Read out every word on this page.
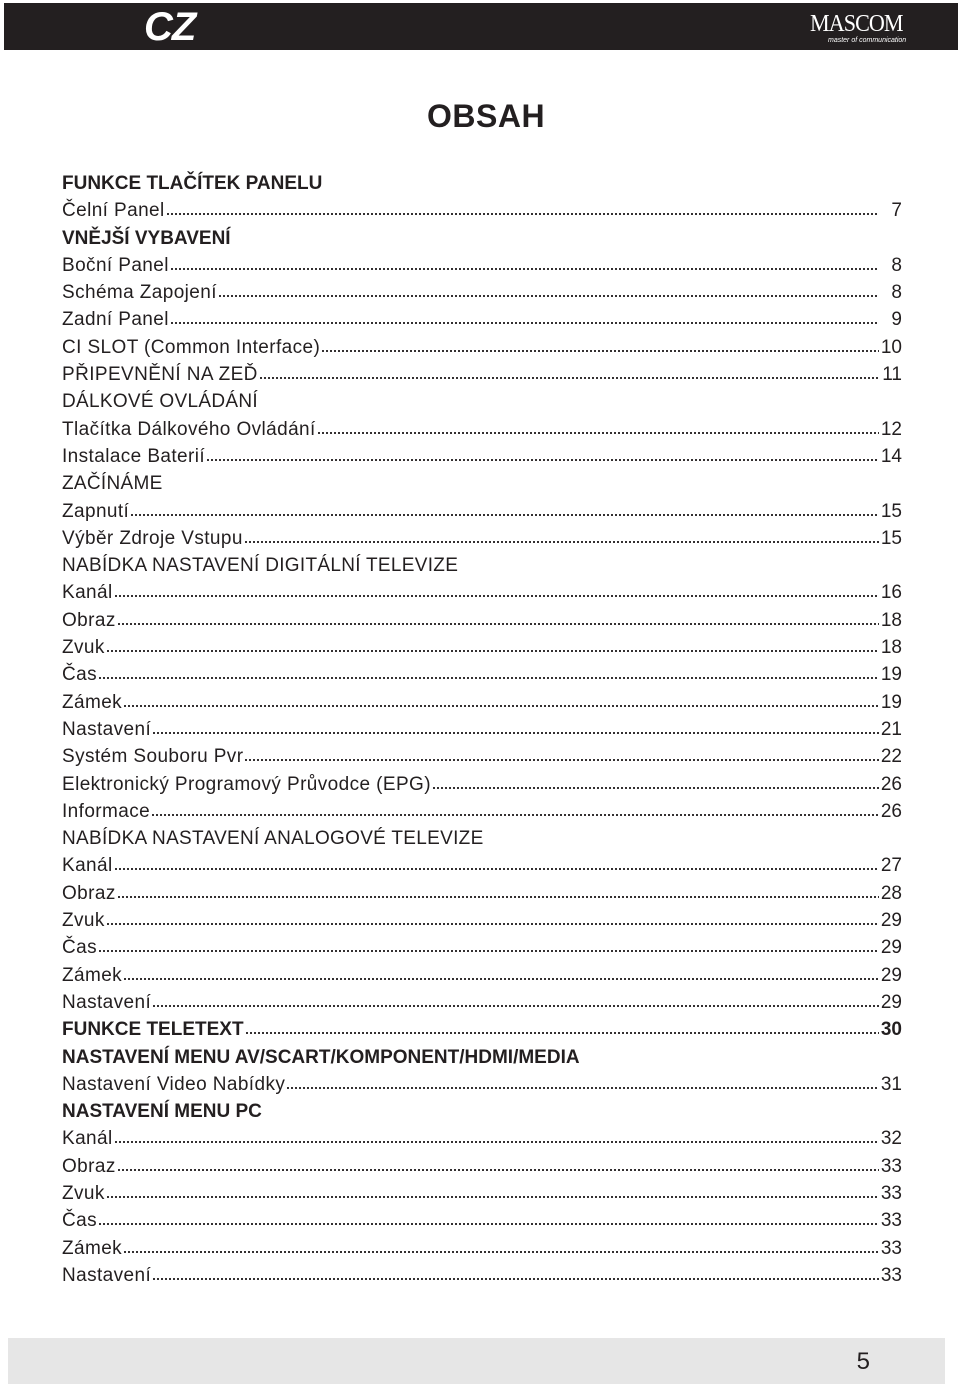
CZ	MASCOM
master of communication
OBSAH
FUNKCE TLAČÍTEK PANELU
Čelní Panel	7
VNĚJŠÍ VYBAVENÍ
Boční Panel	8
Schéma Zapojení	8
Zadní Panel	9
CI SLOT (Common Interface)	10
PŘIPEVNĚNÍ NA ZEĎ	11
DÁLKOVÉ OVLÁDÁNÍ
Tlačítka Dálkového Ovládání	12
Instalace Baterií	14
ZAČÍNÁME
Zapnutí	15
Výběr Zdroje Vstupu	15
NABÍDKA NASTAVENÍ DIGITÁLNÍ TELEVIZE
Kanál	16
Obraz	18
Zvuk	18
Čas	19
Zámek	19
Nastavení	21
Systém Souboru Pvr	22
Elektronický Programový Průvodce (EPG)	26
Informace	26
NABÍDKA NASTAVENÍ ANALOGOVÉ TELEVIZE
Kanál	27
Obraz	28
Zvuk	29
Čas	29
Zámek	29
Nastavení	29
FUNKCE TELETEXT	30
NASTAVENÍ MENU AV/SCART/KOMPONENT/HDMI/MEDIA
Nastavení Video Nabídky	31
NASTAVENÍ MENU PC
Kanál	32
Obraz	33
Zvuk	33
Čas	33
Zámek	33
Nastavení	33
5
